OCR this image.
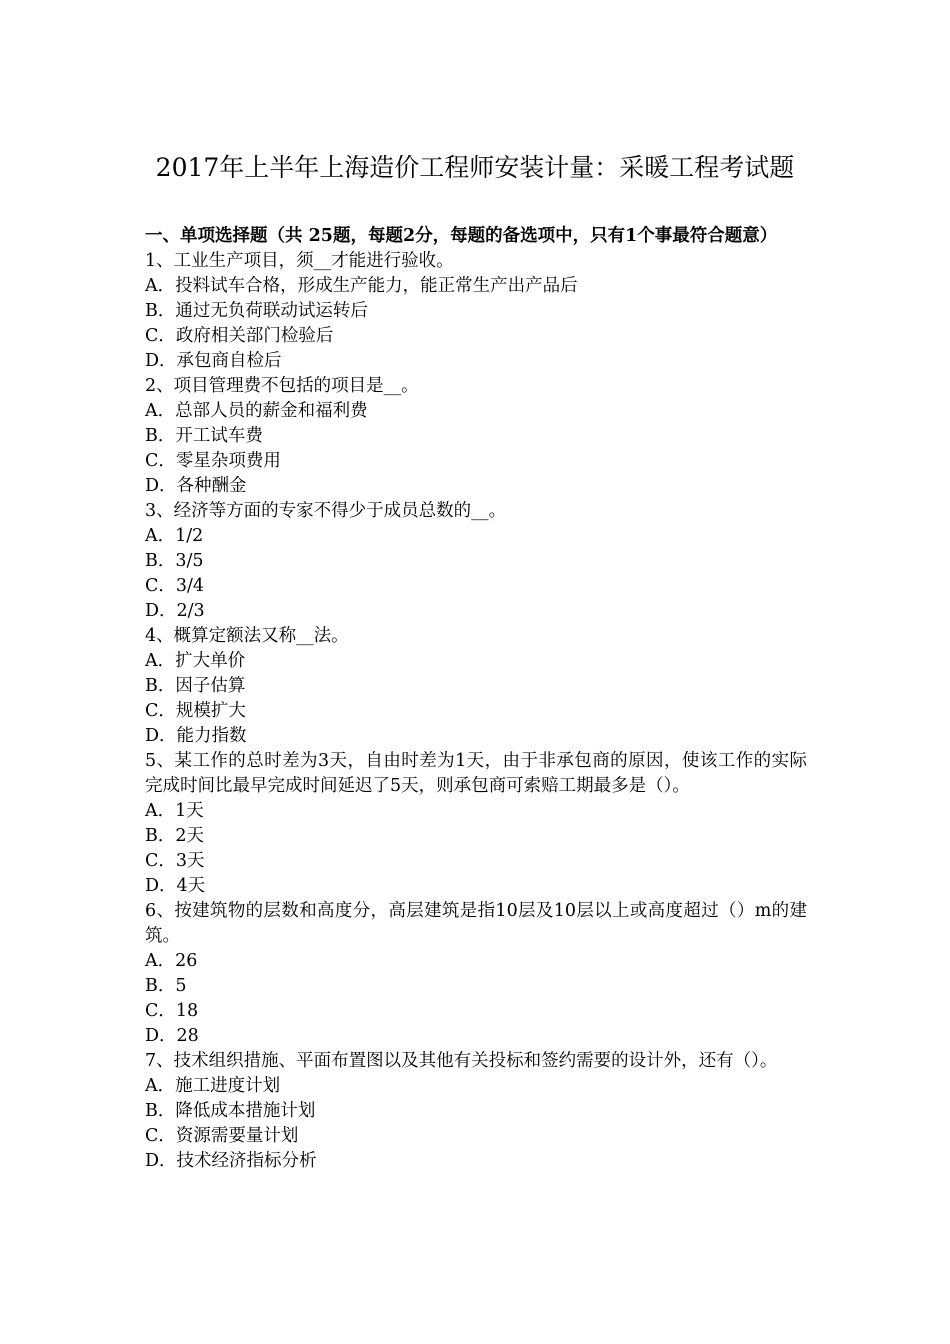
2017年上半年上海造价工程师安装计量：采暖工程考试题

一、单项选择题（共 25题，每题2分，每题的备选项中，只有1个事最符合题意）

1、工业生产项目，须__才能进行验收。

A．投料试车合格，形成生产能力，能正常生产出产品后

B．通过无负荷联动试运转后

C．政府相关部门检验后

D．承包商自检后

2、项目管理费不包括的项目是__。

A．总部人员的薪金和福利费

B．开工试车费

C．零星杂项费用

D．各种酬金

3、经济等方面的专家不得少于成员总数的__。

A．1/2

B．3/5

C．3/4

D．2/3

4、概算定额法又称__法。

A．扩大单价

B．因子估算

C．规模扩大

D．能力指数

5、某工作的总时差为3天，自由时差为1天，由于非承包商的原因，使该工作的实际完成时间比最早完成时间延迟了5天，则承包商可索赔工期最多是（）。

A．1天

B．2天

C．3天

D．4天

6、按建筑物的层数和高度分，高层建筑是指10层及10层以上或高度超过（）m的建筑。

A．26

B．5

C．18

D．28

7、技术组织措施、平面布置图以及其他有关投标和签约需要的设计外，还有（）。

A．施工进度计划

B．降低成本措施计划

C．资源需要量计划

D．技术经济指标分析
